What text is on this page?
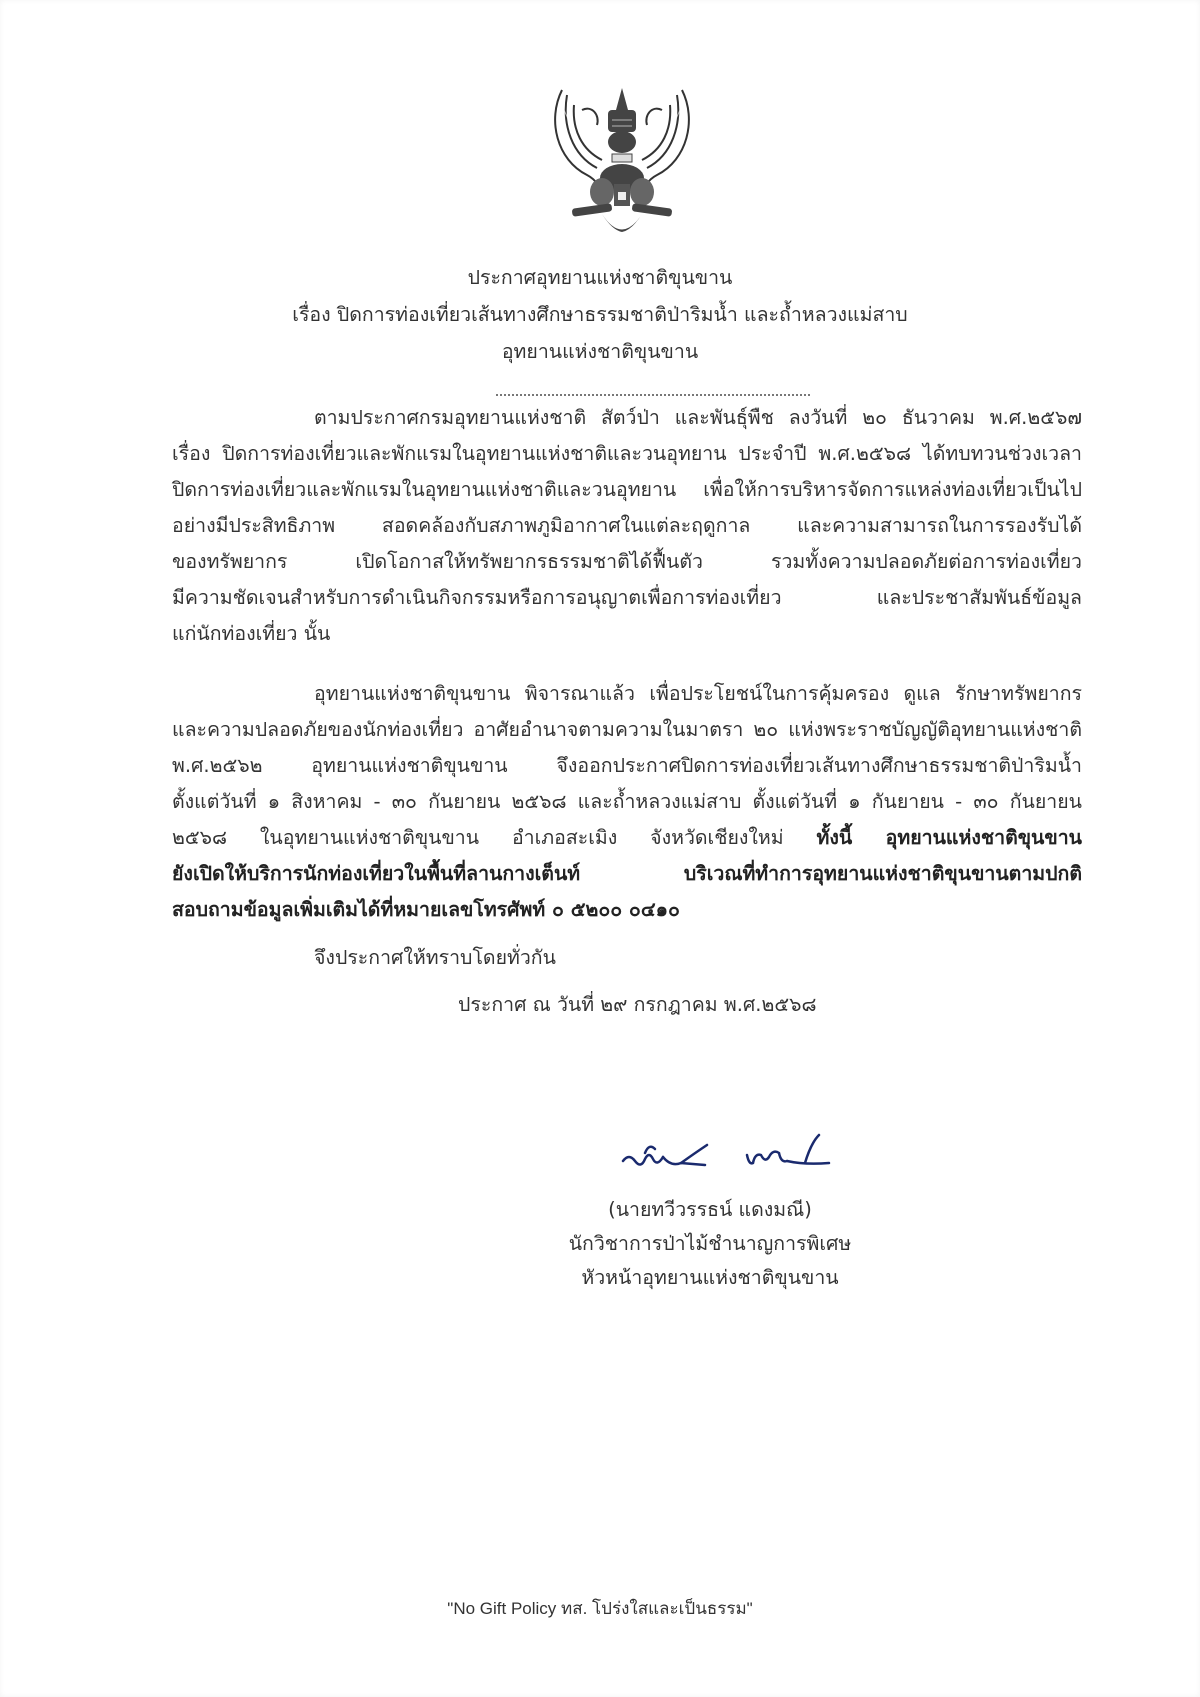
ประกาศอุทยานแห่งชาติขุนขาน
เรื่อง ปิดการท่องเที่ยวเส้นทางศึกษาธรรมชาติป่าริมน้ำ และถ้ำหลวงแม่สาบ
อุทยานแห่งชาติขุนขาน
ตามประกาศกรมอุทยานแห่งชาติ สัตว์ป่า และพันธุ์พืช ลงวันที่ ๒๐ ธันวาคม พ.ศ.๒๕๖๗
เรื่อง ปิดการท่องเที่ยวและพักแรมในอุทยานแห่งชาติและวนอุทยาน ประจำปี พ.ศ.๒๕๖๘ ได้ทบทวนช่วงเวลา
ปิดการท่องเที่ยวและพักแรมในอุทยานแห่งชาติและวนอุทยาน เพื่อให้การบริหารจัดการแหล่งท่องเที่ยวเป็นไป
อย่างมีประสิทธิภาพ สอดคล้องกับสภาพภูมิอากาศในแต่ละฤดูกาล และความสามารถในการรองรับได้
ของทรัพยากร เปิดโอกาสให้ทรัพยากรธรรมชาติได้ฟื้นตัว รวมทั้งความปลอดภัยต่อการท่องเที่ยว
มีความชัดเจนสำหรับการดำเนินกิจกรรมหรือการอนุญาตเพื่อการท่องเที่ยว และประชาสัมพันธ์ข้อมูล
แก่นักท่องเที่ยว นั้น
อุทยานแห่งชาติขุนขาน พิจารณาแล้ว เพื่อประโยชน์ในการคุ้มครอง ดูแล รักษาทรัพยากร
และความปลอดภัยของนักท่องเที่ยว อาศัยอำนาจตามความในมาตรา ๒๐ แห่งพระราชบัญญัติอุทยานแห่งชาติ
พ.ศ.๒๕๖๒ อุทยานแห่งชาติขุนขาน จึงออกประกาศปิดการท่องเที่ยวเส้นทางศึกษาธรรมชาติป่าริมน้ำ
ตั้งแต่วันที่ ๑ สิงหาคม - ๓๐ กันยายน ๒๕๖๘ และถ้ำหลวงแม่สาบ ตั้งแต่วันที่ ๑ กันยายน - ๓๐ กันยายน
๒๕๖๘ ในอุทยานแห่งชาติขุนขาน อำเภอสะเมิง จังหวัดเชียงใหม่ ทั้งนี้ อุทยานแห่งชาติขุนขาน
ยังเปิดให้บริการนักท่องเที่ยวในพื้นที่ลานกางเต็นท์ บริเวณที่ทำการอุทยานแห่งชาติขุนขานตามปกติ
สอบถามข้อมูลเพิ่มเติมได้ที่หมายเลขโทรศัพท์ ๐ ๕๒๐๐ ๐๔๑๐
จึงประกาศให้ทราบโดยทั่วกัน
ประกาศ ณ วันที่ ๒๙ กรกฎาคม พ.ศ.๒๕๖๘
(นายทวีวรรธน์ แดงมณี)
นักวิชาการป่าไม้ชำนาญการพิเศษ
หัวหน้าอุทยานแห่งชาติขุนขาน
"No Gift Policy ทส. โปร่งใสและเป็นธรรม"
